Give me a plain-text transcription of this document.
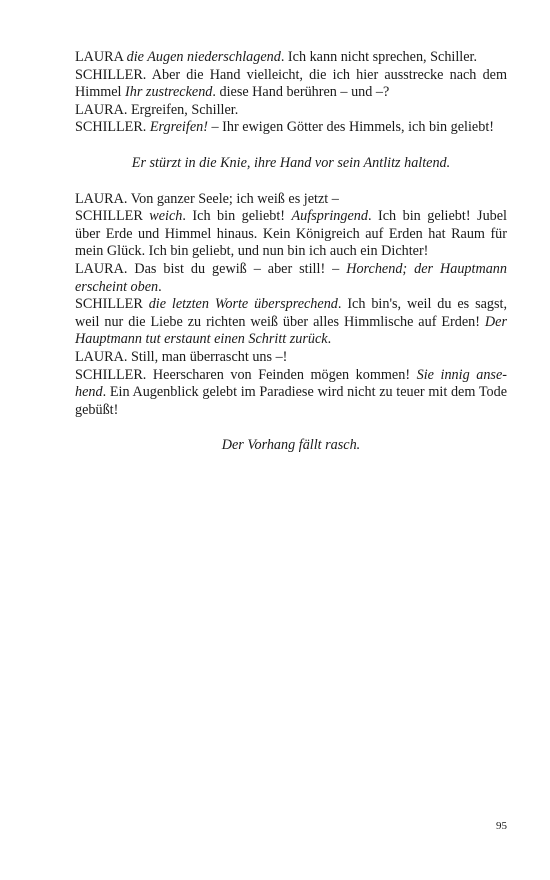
LAURA die Augen niederschlagend. Ich kann nicht sprechen, Schiller.

SCHILLER. Aber die Hand vielleicht, die ich hier ausstrecke nach dem Himmel Ihr zustreckend. diese Hand berühren – und –?

LAURA. Ergreifen, Schiller.

SCHILLER. Ergreifen! – Ihr ewigen Götter des Himmels, ich bin geliebt!

Er stürzt in die Knie, ihre Hand vor sein Antlitz haltend.

LAURA. Von ganzer Seele; ich weiß es jetzt –

SCHILLER weich. Ich bin geliebt! Aufspringend. Ich bin geliebt! Jubel über Erde und Himmel hinaus. Kein Königreich auf Erden hat Raum für mein Glück. Ich bin geliebt, und nun bin ich auch ein Dichter!

LAURA. Das bist du gewiß – aber still! – Horchend; der Hauptmann erscheint oben.

SCHILLER die letzten Worte übersprechend. Ich bin's, weil du es sagst, weil nur die Liebe zu richten weiß über alles Himmlische auf Erden! Der Hauptmann tut erstaunt einen Schritt zurück.

LAURA. Still, man überrascht uns –!

SCHILLER. Heerscharen von Feinden mögen kommen! Sie innig ansehend. Ein Augenblick gelebt im Paradiese wird nicht zu teuer mit dem Tode gebüßt!

Der Vorhang fällt rasch.

95
